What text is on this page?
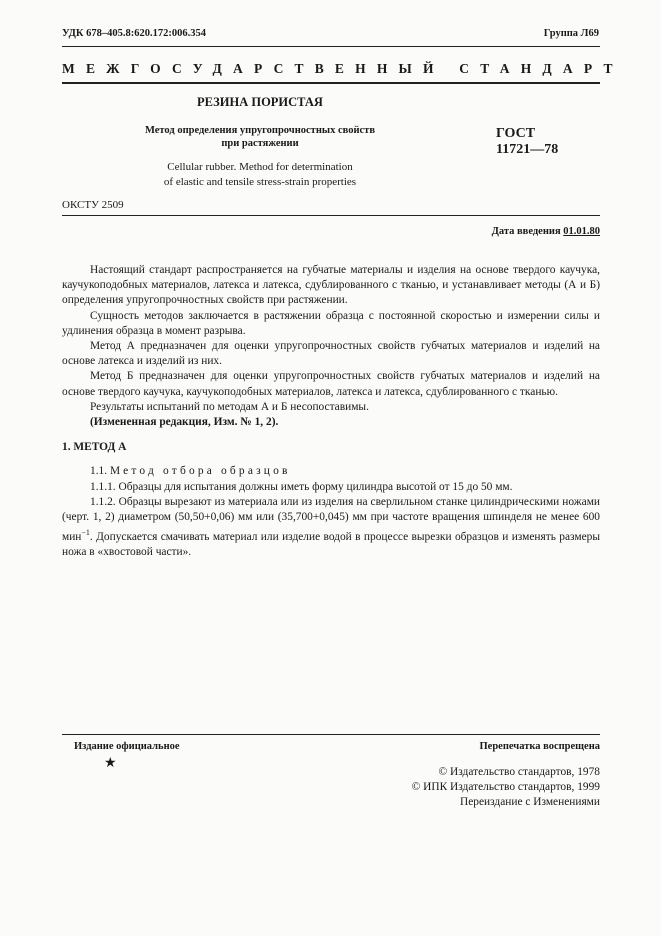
УДК 678–405.8:620.172:006.354	Группа Л69
МЕЖГОСУДАРСТВЕННЫЙ СТАНДАРТ
РЕЗИНА ПОРИСТАЯ
Метод определения упругопрочностных свойств
при растяжении
Cellular rubber. Method for determination
of elastic and tensile stress-strain properties
ГОСТ
11721—78
ОКСТУ 2509
Дата введения 01.01.80

Настоящий стандарт распространяется на губчатые материалы и изделия на основе твердого каучука, каучукоподобных материалов, латекса и латекса, сдублированного с тканью, и устанавливает методы (А и Б) определения упругопрочностных свойств при растяжении.

Сущность методов заключается в растяжении образца с постоянной скоростью и измерении силы и удлинения образца в момент разрыва.

Метод А предназначен для оценки упругопрочностных свойств губчатых материалов и изделий на основе латекса и изделий из них.

Метод Б предназначен для оценки упругопрочностных свойств губчатых материалов и изделий на основе твердого каучука, каучукоподобных материалов, латекса и латекса, сдублированного с тканью.

Результаты испытаний по методам А и Б несопоставимы.

(Измененная редакция, Изм. № 1, 2).

1. МЕТОД А

1.1. Метод отбора образцов

1.1.1. Образцы для испытания должны иметь форму цилиндра высотой от 15 до 50 мм.

1.1.2. Образцы вырезают из материала или из изделия на сверлильном станке цилиндрическими ножами (черт. 1, 2) диаметром (50,50+0,06) мм или (35,700+0,045) мм при частоте вращения шпинделя не менее 600 мин$^{-1}$. Допускается смачивать материал или изделие водой в процессе вырезки образцов и изменять размеры ножа в «хвостовой части».

Издание официальное
★
Перепечатка воспрещена
© Издательство стандартов, 1978
© ИПК Издательство стандартов, 1999
Переиздание с Изменениями
